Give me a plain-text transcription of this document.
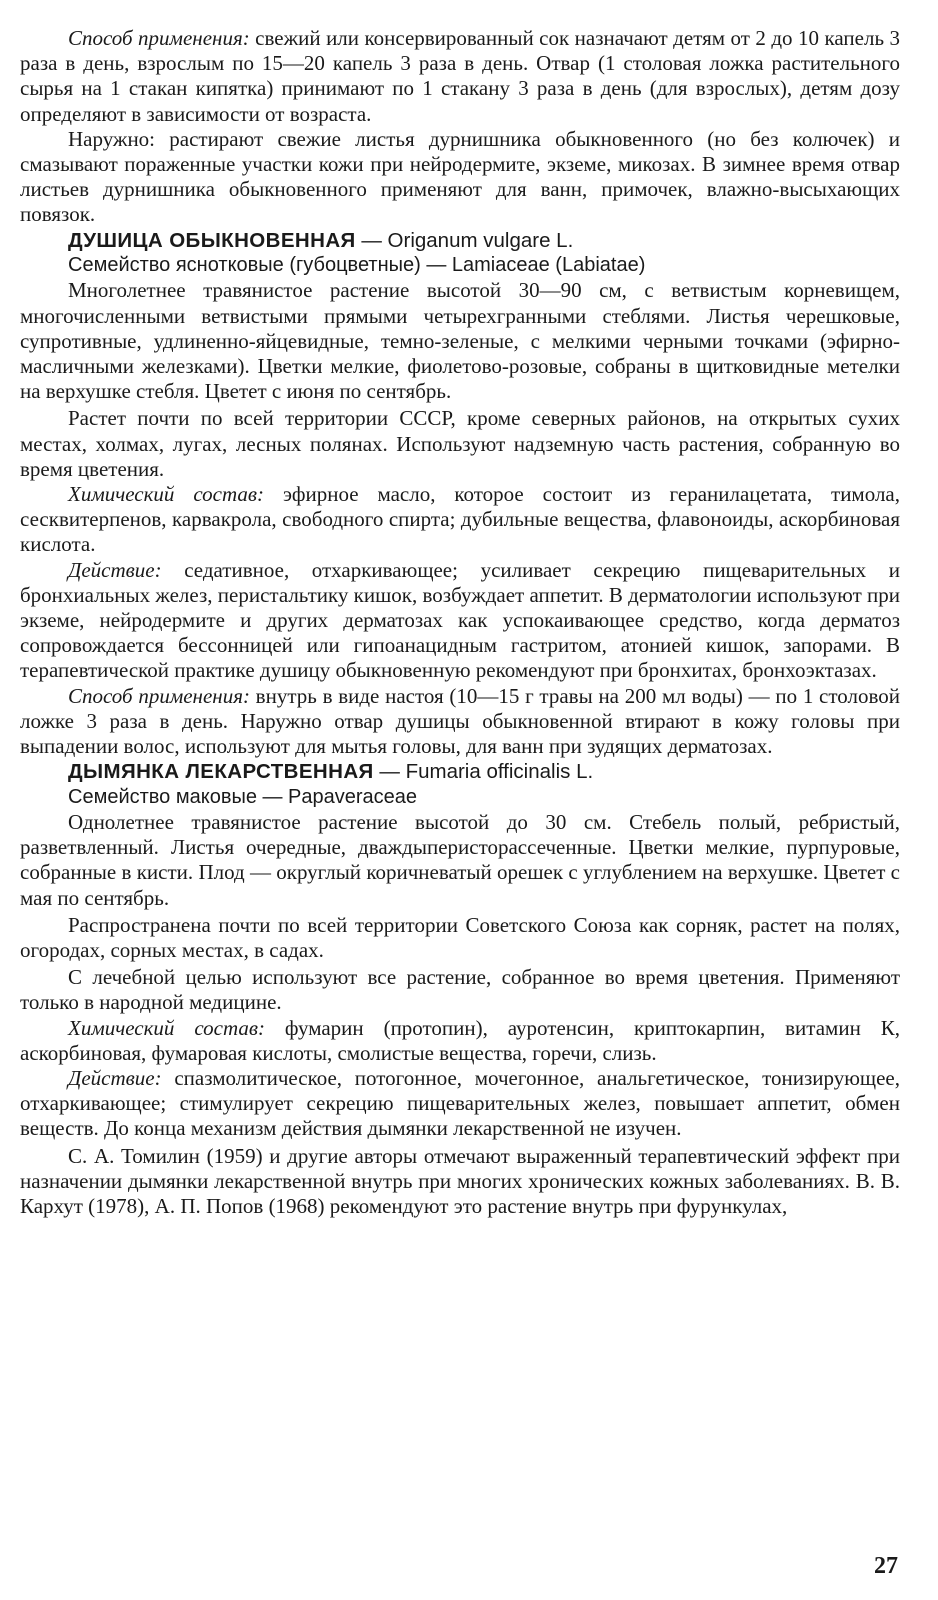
Способ применения: свежий или консервированный сок назначают детям от 2 до 10 капель 3 раза в день, взрослым по 15—20 капель 3 раза в день. Отвар (1 столовая ложка растительного сырья на 1 стакан кипятка) принимают по 1 стакану 3 раза в день (для взрослых), детям дозу определяют в зависимости от возраста.

Наружно: растирают свежие листья дурнишника обыкновенного (но без колючек) и смазывают пораженные участки кожи при нейродермите, экземе, микозах. В зимнее время отвар листьев дурнишника обыкновенного применяют для ванн, примочек, влажно-высыхающих повязок.

ДУШИЦА ОБЫКНОВЕННАЯ — Origanum vulgare L.

Семейство яснотковые (губоцветные) — Lamiaceae (Labiatae)

Многолетнее травянистое растение высотой 30—90 см, с ветвистым корневищем, многочисленными ветвистыми прямыми четырехгранными стеблями. Листья черешковые, супротивные, удлиненно-яйцевидные, темно-зеленые, с мелкими черными точками (эфирно-масличными железками). Цветки мелкие, фиолетово-розовые, собраны в щитковидные метелки на верхушке стебля. Цветет с июня по сентябрь.

Растет почти по всей территории СССР, кроме северных районов, на открытых сухих местах, холмах, лугах, лесных полянах. Используют надземную часть растения, собранную во время цветения.

Химический состав: эфирное масло, которое состоит из геранилацетата, тимола, сесквитерпенов, карвакрола, свободного спирта; дубильные вещества, флавоноиды, аскорбиновая кислота.

Действие: седативное, отхаркивающее; усиливает секрецию пищеварительных и бронхиальных желез, перистальтику кишок, возбуждает аппетит. В дерматологии используют при экземе, нейродермите и других дерматозах как успокаивающее средство, когда дерматоз сопровождается бессонницей или гипоанацидным гастритом, атонией кишок, запорами. В терапевтической практике душицу обыкновенную рекомендуют при бронхитах, бронхоэктазах.

Способ применения: внутрь в виде настоя (10—15 г травы на 200 мл воды) — по 1 столовой ложке 3 раза в день. Наружно отвар душицы обыкновенной втирают в кожу головы при выпадении волос, используют для мытья головы, для ванн при зудящих дерматозах.

ДЫМЯНКА ЛЕКАРСТВЕННАЯ — Fumaria officinalis L.

Семейство маковые — Papaveraceae

Однолетнее травянистое растение высотой до 30 см. Стебель полый, ребристый, разветвленный. Листья очередные, дваждыперисторассеченные. Цветки мелкие, пурпуровые, собранные в кисти. Плод — округлый коричневатый орешек с углублением на верхушке. Цветет с мая по сентябрь.

Распространена почти по всей территории Советского Союза как сорняк, растет на полях, огородах, сорных местах, в садах.

С лечебной целью используют все растение, собранное во время цветения. Применяют только в народной медицине.

Химический состав: фумарин (протопин), ауротенсин, криптокарпин, витамин К, аскорбиновая, фумаровая кислоты, смолистые вещества, горечи, слизь.

Действие: спазмолитическое, потогонное, мочегонное, анальгетическое, тонизирующее, отхаркивающее; стимулирует секрецию пищеварительных желез, повышает аппетит, обмен веществ. До конца механизм действия дымянки лекарственной не изучен.

С. А. Томилин (1959) и другие авторы отмечают выраженный терапевтический эффект при назначении дымянки лекарственной внутрь при многих хронических кожных заболеваниях. В. В. Кархут (1978), А. П. Попов (1968) рекомендуют это растение внутрь при фурункулах,

27
